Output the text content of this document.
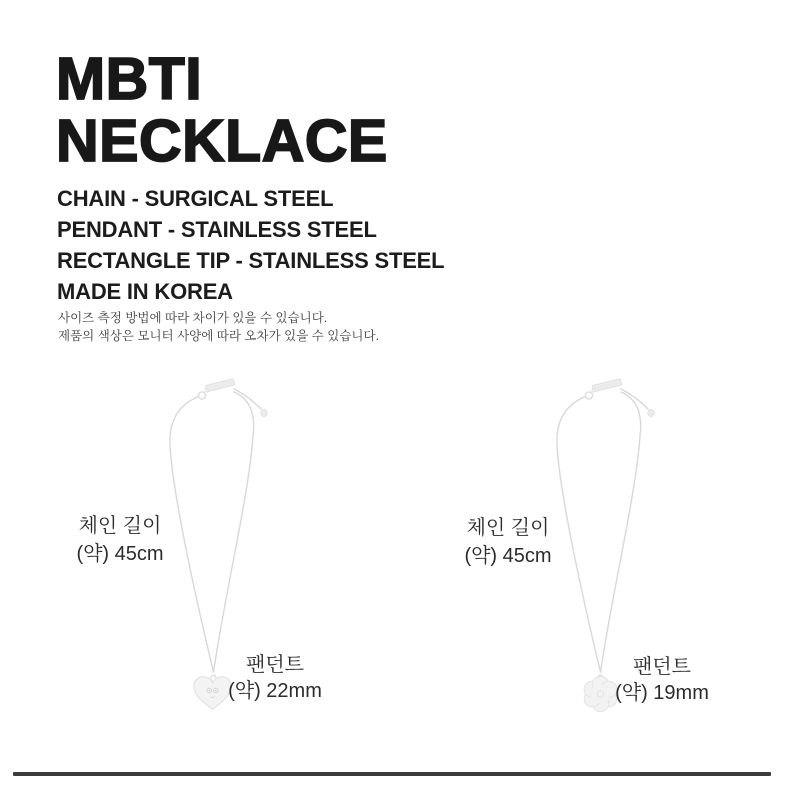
MBTI
NECKLACE
CHAIN - SURGICAL STEEL
PENDANT - STAINLESS STEEL
RECTANGLE TIP - STAINLESS STEEL
MADE IN KOREA
사이즈 측정 방법에 따라 차이가 있을 수 있습니다.
제품의 색상은 모니터 사양에 따라 오차가 있을 수 있습니다.
체인 길이
(약) 45cm
팬던트
(약) 22mm
체인 길이
(약) 45cm
팬던트
(약) 19mm
